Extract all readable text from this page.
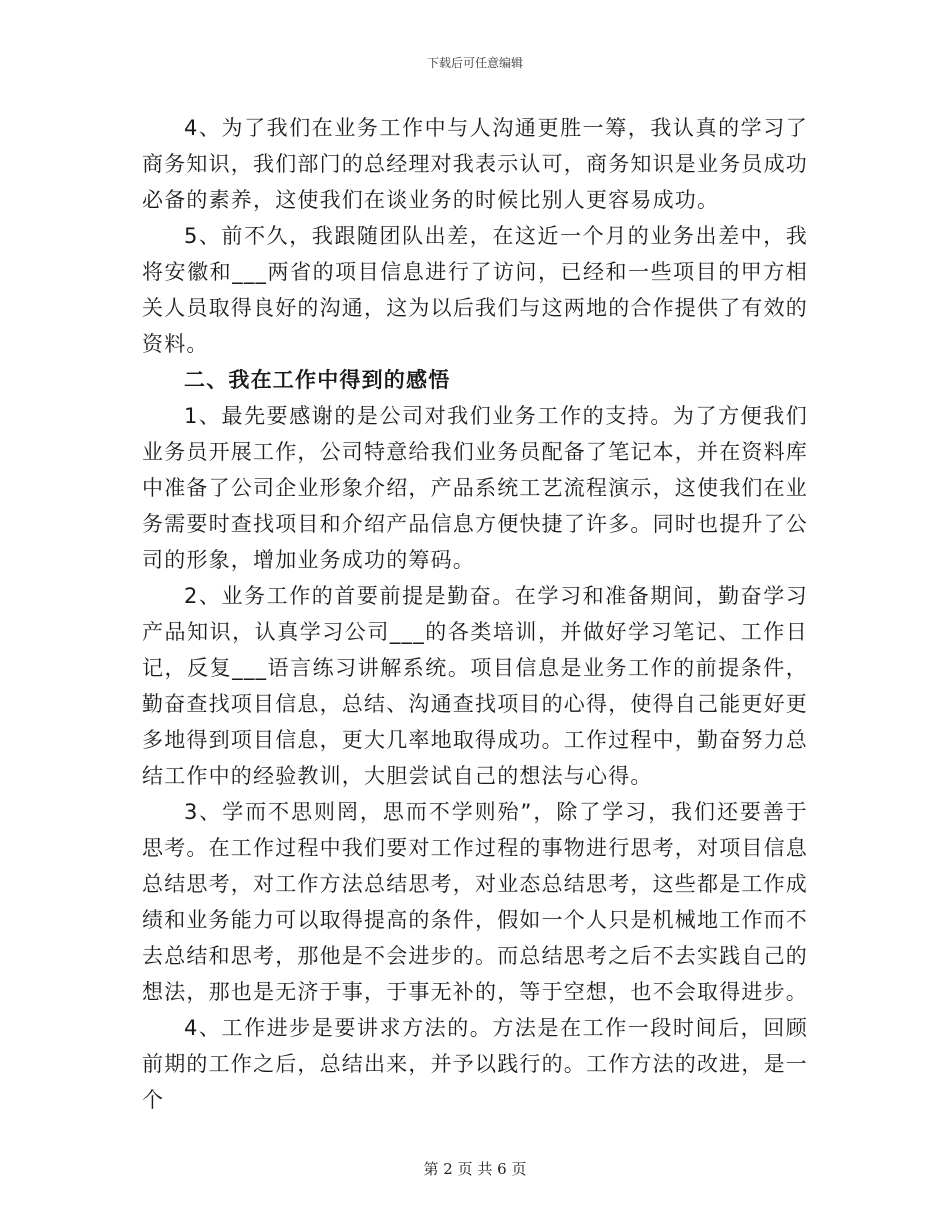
下载后可任意编辑

4、为了我们在业务工作中与人沟通更胜一筹，我认真的学习了商务知识，我们部门的总经理对我表示认可，商务知识是业务员成功必备的素养，这使我们在谈业务的时候比别人更容易成功。

5、前不久，我跟随团队出差，在这近一个月的业务出差中，我将安徽和___两省的项目信息进行了访问，已经和一些项目的甲方相关人员取得良好的沟通，这为以后我们与这两地的合作提供了有效的资料。

二、我在工作中得到的感悟

1、最先要感谢的是公司对我们业务工作的支持。为了方便我们业务员开展工作，公司特意给我们业务员配备了笔记本，并在资料库中准备了公司企业形象介绍，产品系统工艺流程演示，这使我们在业务需要时查找项目和介绍产品信息方便快捷了许多。同时也提升了公司的形象，增加业务成功的筹码。

2、业务工作的首要前提是勤奋。在学习和准备期间，勤奋学习产品知识，认真学习公司___的各类培训，并做好学习笔记、工作日记，反复___语言练习讲解系统。项目信息是业务工作的前提条件，勤奋查找项目信息，总结、沟通查找项目的心得，使得自己能更好更多地得到项目信息，更大几率地取得成功。工作过程中，勤奋努力总结工作中的经验教训，大胆尝试自己的想法与心得。

3、学而不思则罔，思而不学则殆”，除了学习，我们还要善于思考。在工作过程中我们要对工作过程的事物进行思考，对项目信息总结思考，对工作方法总结思考，对业态总结思考，这些都是工作成绩和业务能力可以取得提高的条件，假如一个人只是机械地工作而不去总结和思考，那他是不会进步的。而总结思考之后不去实践自己的想法，那也是无济于事，于事无补的，等于空想，也不会取得进步。

4、工作进步是要讲求方法的。方法是在工作一段时间后，回顾前期的工作之后，总结出来，并予以践行的。工作方法的改进，是一个

第 2 页 共 6 页
